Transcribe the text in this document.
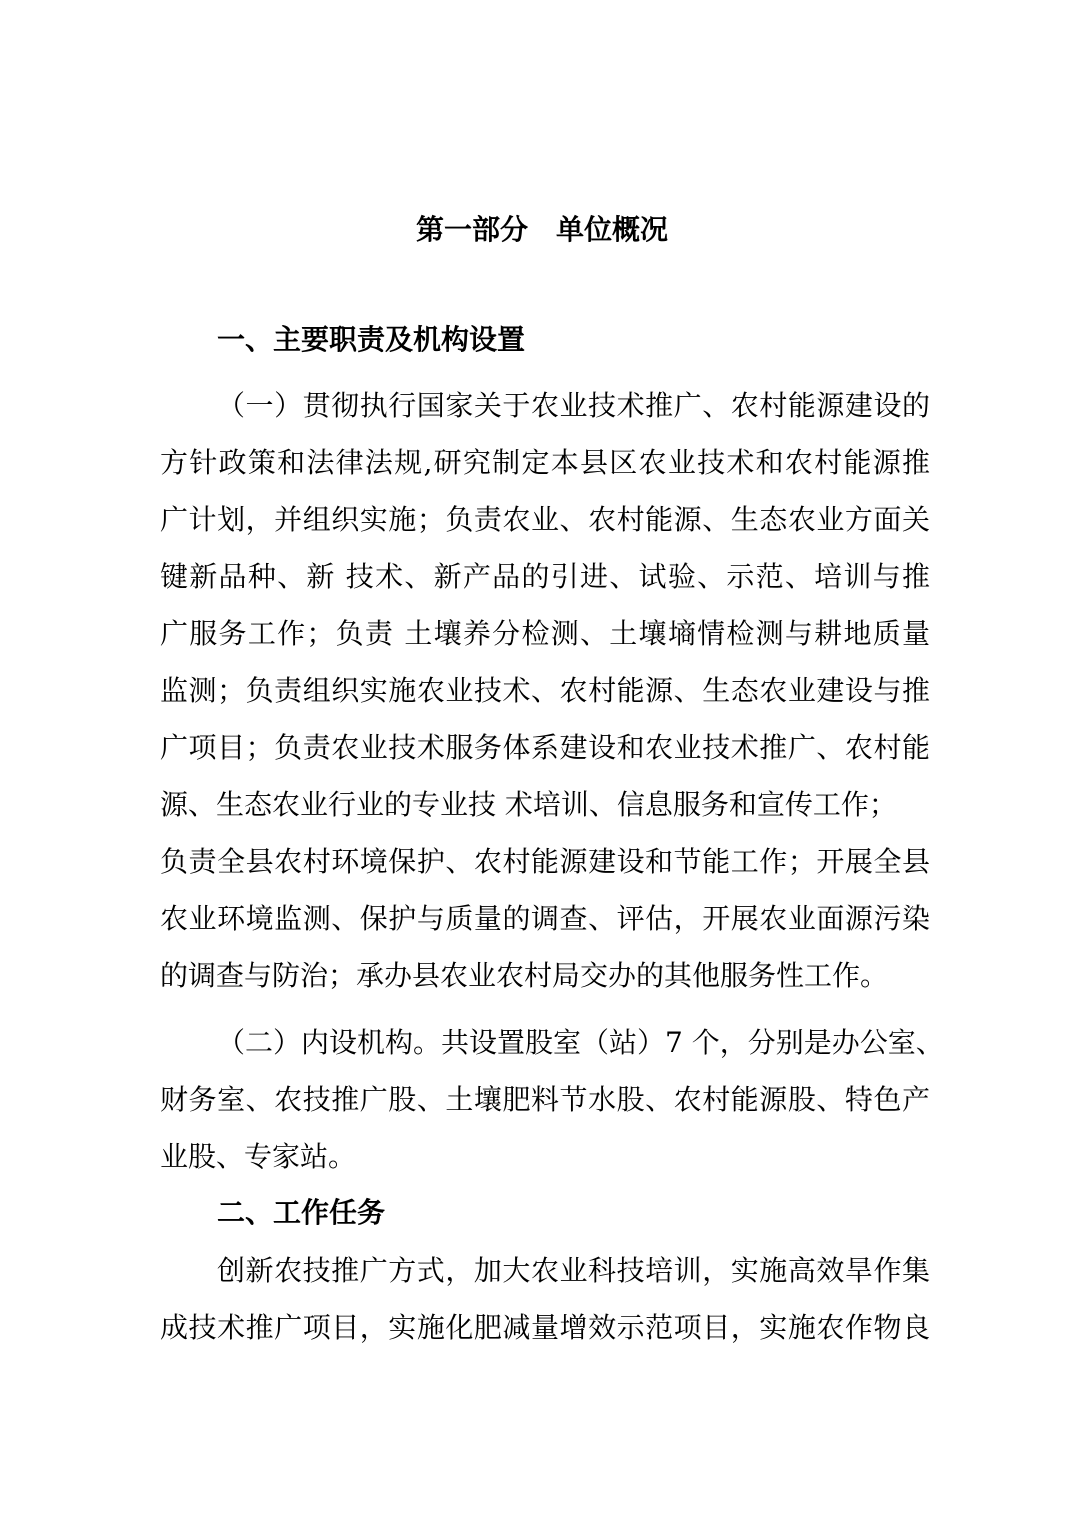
第一部分　单位概况
一、主要职责及机构设置
（一）贯彻执行国家关于农业技术推广、农村能源建设的
方针政策和法律法规,研究制定本县区农业技术和农村能源推
广计划，并组织实施；负责农业、农村能源、生态农业方面关
键新品种、新 技术、新产品的引进、试验、示范、培训与推
广服务工作；负责 土壤养分检测、土壤墒情检测与耕地质量
监测；负责组织实施农业技术、农村能源、生态农业建设与推
广项目；负责农业技术服务体系建设和农业技术推广、农村能
源、生态农业行业的专业技 术培训、信息服务和宣传工作；
负责全县农村环境保护、农村能源建设和节能工作；开展全县
农业环境监测、保护与质量的调查、评估，开展农业面源污染
的调查与防治；承办县农业农村局交办的其他服务性工作。
（二）内设机构。共设置股室（站）7 个，分别是办公室、
财务室、农技推广股、土壤肥料节水股、农村能源股、特色产
业股、专家站。
二、工作任务
创新农技推广方式，加大农业科技培训，实施高效旱作集
成技术推广项目，实施化肥减量增效示范项目，实施农作物良
